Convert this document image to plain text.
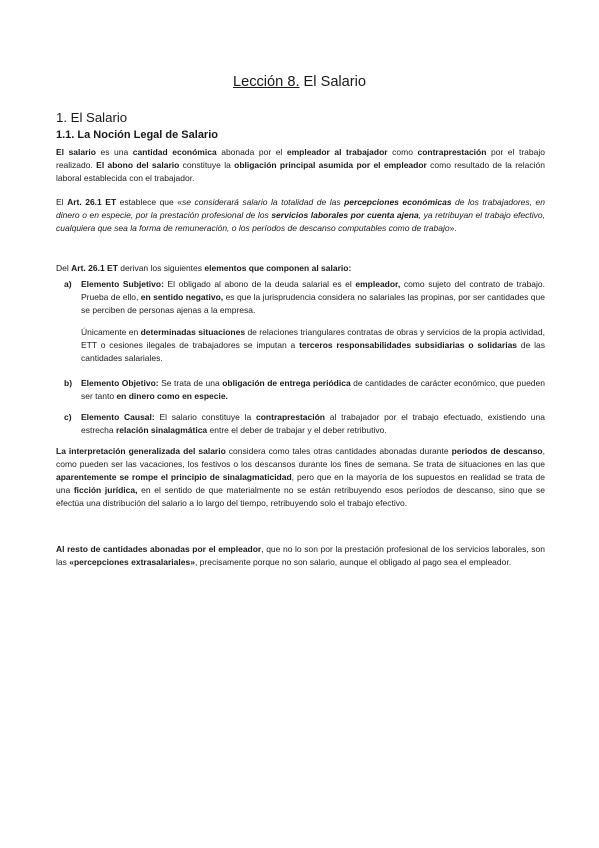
Lección 8. El Salario
1. El Salario
1.1. La Noción Legal de Salario

El salario es una cantidad económica abonada por el empleador al trabajador como contraprestación por el trabajo realizado. El abono del salario constituye la obligación principal asumida por el empleador como resultado de la relación laboral establecida con el trabajador.

El Art. 26.1 ET establece que «se considerará salario la totalidad de las percepciones económicas de los trabajadores, en dinero o en especie, por la prestación profesional de los servicios laborales por cuenta ajena, ya retribuyan el trabajo efectivo, cualquiera que sea la forma de remuneración, o los períodos de descanso computables como de trabajo».

Del Art. 26.1 ET derivan los siguientes elementos que componen al salario:

a) Elemento Subjetivo: El obligado al abono de la deuda salarial es el empleador, como sujeto del contrato de trabajo. Prueba de ello, en sentido negativo, es que la jurisprudencia considera no salariales las propinas, por ser cantidades que se perciben de personas ajenas a la empresa.
Únicamente en determinadas situaciones de relaciones triangulares contratas de obras y servicios de la propia actividad, ETT o cesiones ilegales de trabajadores se imputan a terceros responsabilidades subsidiarias o solidarias de las cantidades salariales.
b) Elemento Objetivo: Se trata de una obligación de entrega periódica de cantidades de carácter económico, que pueden ser tanto en dinero como en especie.
c) Elemento Causal: El salario constituye la contraprestación al trabajador por el trabajo efectuado, existiendo una estrecha relación sinalagmática entre el deber de trabajar y el deber retributivo.

La interpretación generalizada del salario considera como tales otras cantidades abonadas durante periodos de descanso, como pueden ser las vacaciones, los festivos o los descansos durante los fines de semana. Se trata de situaciones en las que aparentemente se rompe el principio de sinalagmaticidad, pero que en la mayoría de los supuestos en realidad se trata de una ficción jurídica, en el sentido de que materialmente no se están retribuyendo esos períodos de descanso, sino que se efectúa una distribución del salario a lo largo del tiempo, retribuyendo solo el trabajo efectivo.

Al resto de cantidades abonadas por el empleador, que no lo son por la prestación profesional de los servicios laborales, son las «percepciones extrasalariales», precisamente porque no son salario, aunque el obligado al pago sea el empleador.
